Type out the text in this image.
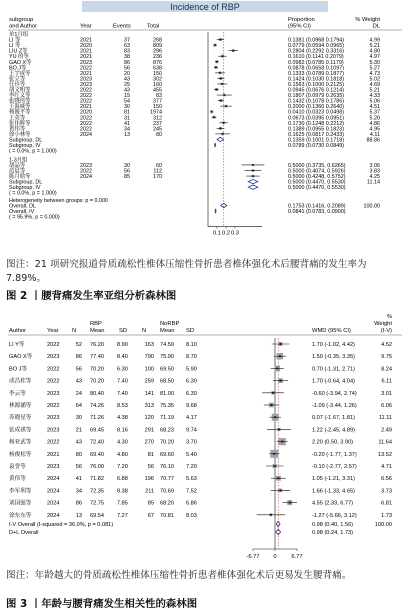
Incidence of RBP
subgroup
and Author	Year	Events	Total
Proportion
(95% CI)
% Weight
DL
单1月组
LI 等	2021	37	268	0.1381 (0.0968 0.1794)	4.99
LI 等	2020	63	809	0.0779 (0.0594 0.0965)	5.21
LIU Z等	2021	83	296	0.2804 (0.2292 0.3316)	4.80
YU 的等	2021	38	236	0.1610 (0.1141 0.2079)	4.97
GAO X等	2023	86	876	0.0982 (0.0785 0.1179)	5.30
BO J等	2022	56	638	0.0878 (0.0658 0.1097)	5.27
王宇成等	2021	20	150	0.1333 (0.0789 0.1877)	4.73
张立等	2023	43	302	0.1424 (0.1030 0.1818)	5.02
任玲等	2023	25	160	0.1563 (0.1000 0.2125)	4.69
胡文明等	2022	43	455	0.0945 (0.0676 0.1214)	5.21
李红义等	2022	15	83	0.1807 (0.0979 0.2635)	4.33
张晓伟等	2022	54	377	0.1432 (0.1078 0.1786)	5.06
王海威等	2021	30	150	0.2000 (0.1360 0.2640)	4.51
杨俊平等	2020	81	1974	0.0410 (0.0323 0.0498)	5.37
王英等	2022	31	312	0.0673 (0.0395 0.0951)	5.20
张伟辉等	2022	41	237	0.1730 (0.1248 0.2212)	4.86
黄伟等	2022	34	245	0.1389 (0.0955 0.1823)	4.95
徐小林等	2024	13	80	0.1625 (0.0817 0.2433)	4.11
Subgroup, DL	0.1359 (0.1001 0.1718)	88.86
Subgroup, IV	0.0789 (0.0730 0.0849)
( = 0.0%, p = 1.000)
1-3月组
胡品等	2023	30	60	0.5000 (0.3735, 0.6265)	3.06
范晨等	2022	56	112	0.5000 (0.4074, 0.5926)	3.83
陈月晗等	2024	85	170	0.5000 (0.4248, 0.5752)	4.25
Subgroup, DL	0.5000 (0.4470, 0.5530)	11.14
Subgroup, IV	0.5000 (0.4470, 0.5530)
( = 0.0%, p = 1.000)
Heterogeneity between groups: p = 0.000
Overall, DL	0.1753 (0.1416, 0.2089)	100.00
Overall, IV	0.0841 (0.0783, 0.0900)
( = 95.9%, p = 0.000)
0.1 0.2 0.3
图注：21 项研究报道骨质疏松性椎体压缩性骨折患者椎体强化术后腰背痛的发生率为 7.89%。
图 2 丨腰背痛发生率亚组分析森林图
%
Weight
(I-V)
RBP	NoRBP
Author	Year N Mean SD	N Mean SD	WMD (95% CI)
LI Y等	2022	52 76.20 8.90	163 74.50 8.10	1.70 (-1.02, 4.42)	4.52
GAO X等	2023	86 77.40 8.40	790 75.90 8.70	1.50 (-0.35, 3.35)	9.75
BO J等	2022	56 70.20 6.30	100 69.50 5.90	0.70 (-1.31, 2.71)	8.24
成昌桂等	2022	43 70.20 7.40	259 68.50 6.30	1.70 (-0.64, 4.04)	6.11
李云等	2023	24 80.40 7.40	141 81.00 6.30	-0.60 (-3.94, 2.74)	3.01
林源涵等	2022	64 74.26 8.53	313 75.35 9.68	-1.09 (-3.44, 1.26)	6.06
苏晓星等	2023	30 71.26 4.38	120 71.19 4.17	0.07 (-1.67, 1.81)	11.11
张成祺等	2023	21 69.45 8.16	291 68.23 9.74	1.22 (-2.45, 4.89)	2.49
杨亚武等	2022	43 72.40 4.30	270 70.20 3.70	2.20 (0.50, 3.90)	11.64
杨俊松等	2021	80 69.40 4.80	81 69.60 5.40	-0.20 (-1.77, 1.37)	13.52
袁誉等	2023	56 76.00 7.20	56 76.10 7.20	-0.10 (-2.77, 2.57)	4.71
黄伟等	2024	41 71.82 6.88	196 70.77 5.63	1.05 (-1.21, 3.31)	6.56
李军利等	2024	34 72.35 8.38	211 70.69 7.52	1.66 (-1.33, 4.65)	3.73
刘国强等	2024	86 72.75 7.85	85 68.20 6.86	4.55 (2.33, 6.77)	6.81
徐东东等	2024	13 69.54 7.27	67 70.81 8.03	-1.27 (-5.66, 3.12)	1.73
I-V Overall (I-squared = 36.0%, p = 0.081)	0.98 (0.40, 1.56)	100.00
D+L Overall	0.98 (0.24, 1.73)
-6.77 0	6.77
图注：年龄越大的骨质疏松性椎体压缩性骨折患者椎体强化术后更易发生腰背痛。
图 3 丨年龄与腰背痛发生相关性的森林图
